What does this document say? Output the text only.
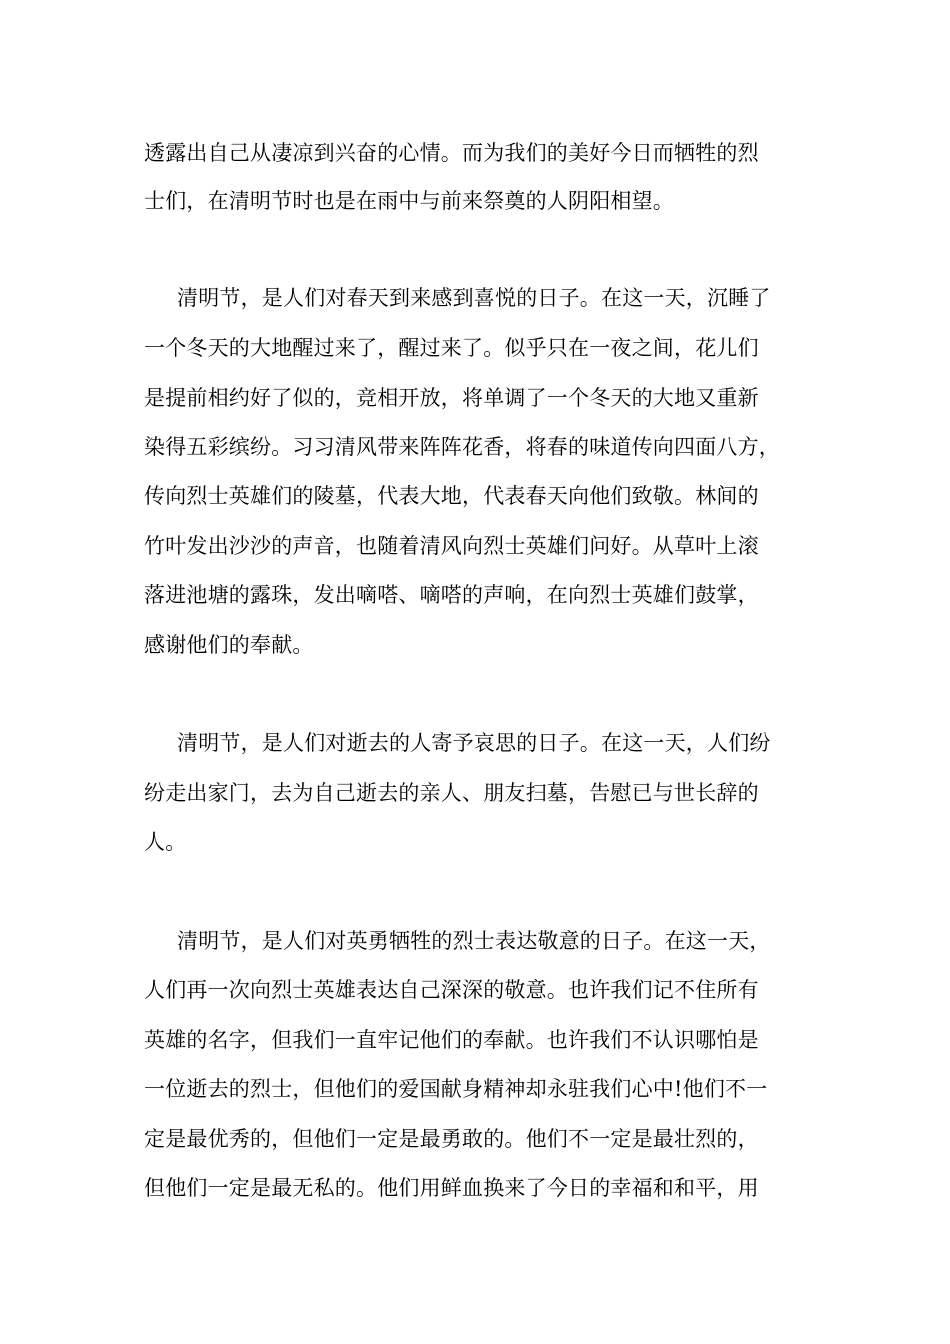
透露出自己从凄凉到兴奋的心情。而为我们的美好今日而牺牲的烈
士们，在清明节时也是在雨中与前来祭奠的人阴阳相望。
清明节，是人们对春天到来感到喜悦的日子。在这一天，沉睡了
一个冬天的大地醒过来了，醒过来了。似乎只在一夜之间，花儿们
是提前相约好了似的，竞相开放，将单调了一个冬天的大地又重新
染得五彩缤纷。习习清风带来阵阵花香，将春的味道传向四面八方，
传向烈士英雄们的陵墓，代表大地，代表春天向他们致敬。林间的
竹叶发出沙沙的声音，也随着清风向烈士英雄们问好。从草叶上滚
落进池塘的露珠，发出嘀嗒、嘀嗒的声响，在向烈士英雄们鼓掌，
感谢他们的奉献。
清明节，是人们对逝去的人寄予哀思的日子。在这一天，人们纷
纷走出家门，去为自己逝去的亲人、朋友扫墓，告慰已与世长辞的
人。
清明节，是人们对英勇牺牲的烈士表达敬意的日子。在这一天，
人们再一次向烈士英雄表达自己深深的敬意。也许我们记不住所有
英雄的名字，但我们一直牢记他们的奉献。也许我们不认识哪怕是
一位逝去的烈士，但他们的爱国献身精神却永驻我们心中!他们不一
定是最优秀的，但他们一定是最勇敢的。他们不一定是最壮烈的，
但他们一定是最无私的。他们用鲜血换来了今日的幸福和和平，用
